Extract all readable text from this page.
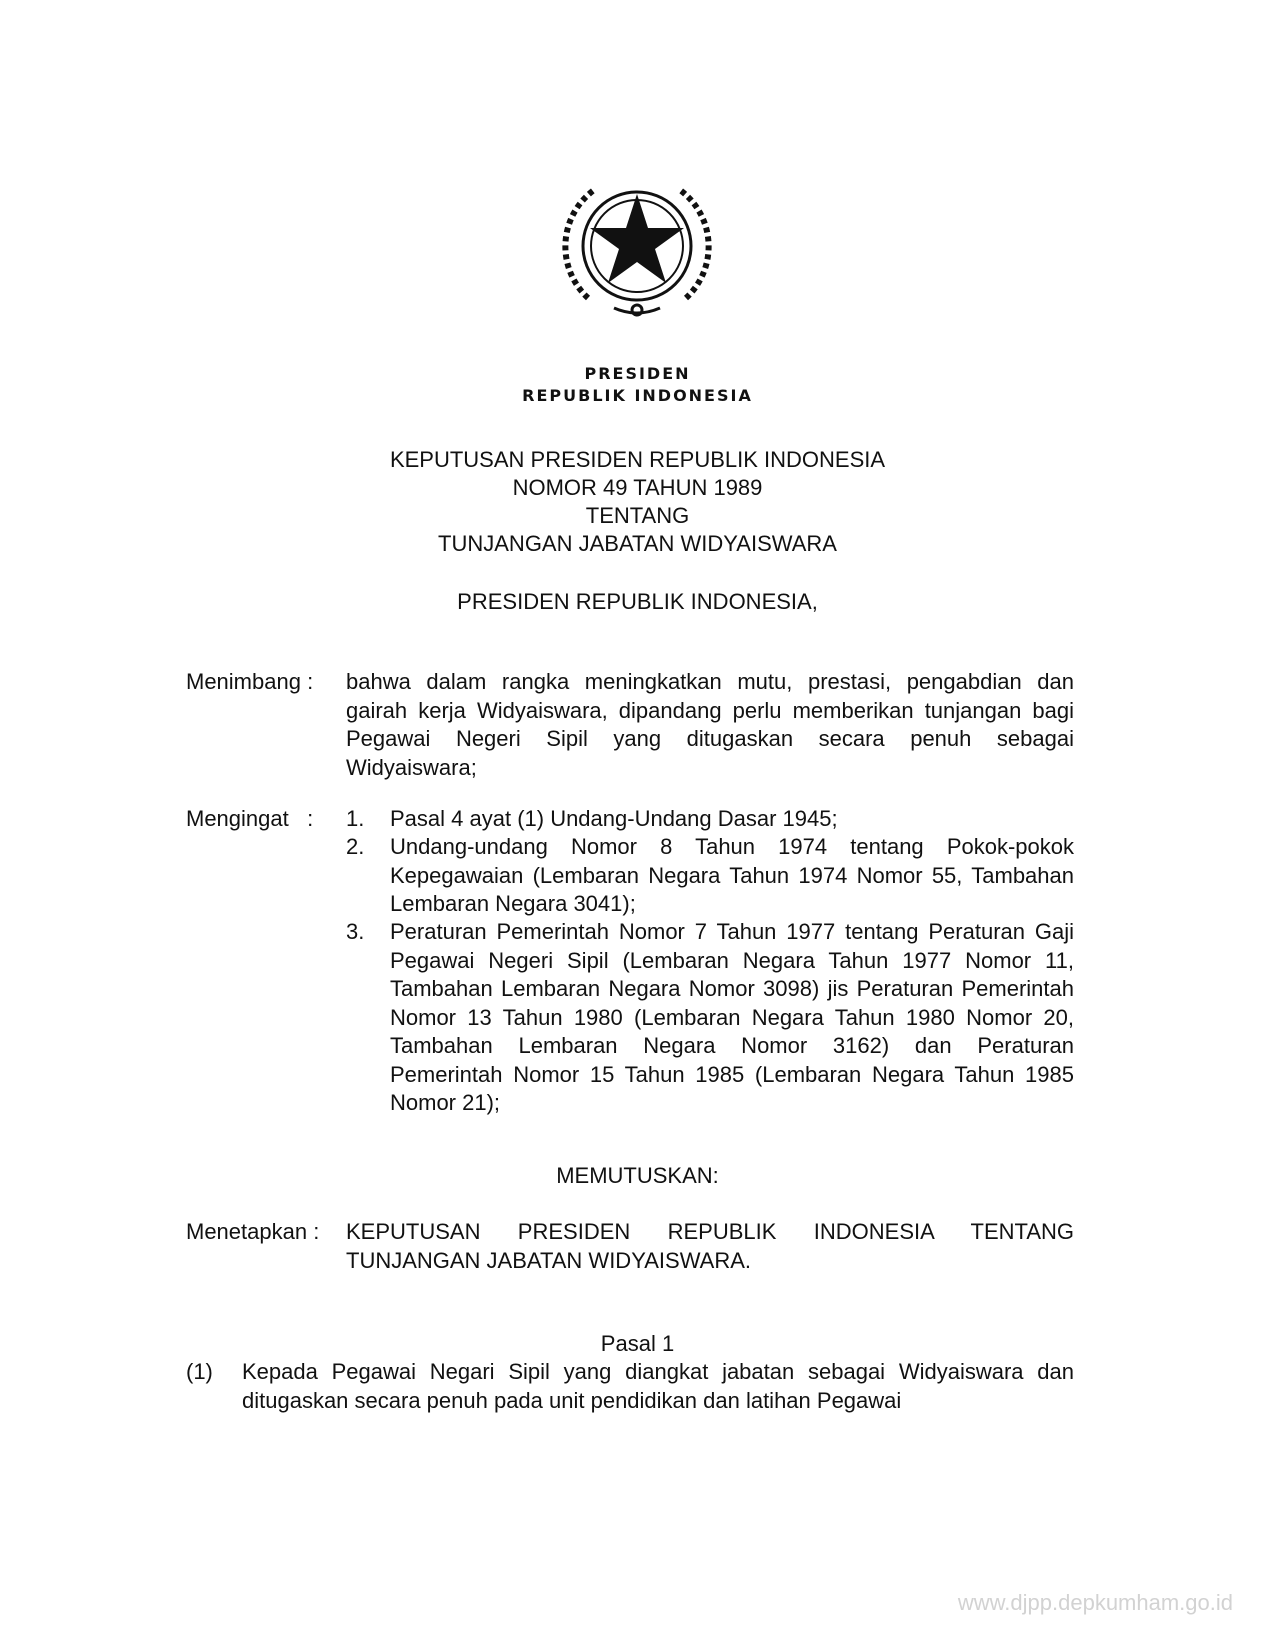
PRESIDEN
REPUBLIK INDONESIA
KEPUTUSAN PRESIDEN REPUBLIK INDONESIA
NOMOR 49 TAHUN 1989
TENTANG
TUNJANGAN JABATAN WIDYAISWARA
PRESIDEN REPUBLIK INDONESIA,
Menimbang : bahwa dalam rangka meningkatkan mutu, prestasi, pengabdian dan gairah kerja Widyaiswara, dipandang perlu memberikan tunjangan bagi Pegawai Negeri Sipil yang ditugaskan secara penuh sebagai Widyaiswara;
Mengingat   : 1. Pasal 4 ayat (1) Undang-Undang Dasar 1945;
2. Undang-undang Nomor 8 Tahun 1974 tentang Pokok-pokok Kepegawaian (Lembaran Negara Tahun 1974 Nomor 55, Tambahan Lembaran Negara 3041);
3. Peraturan Pemerintah Nomor 7 Tahun 1977 tentang Peraturan Gaji Pegawai Negeri Sipil (Lembaran Negara Tahun 1977 Nomor 11, Tambahan Lembaran Negara Nomor 3098) jis Peraturan Pemerintah Nomor 13 Tahun 1980 (Lembaran Negara Tahun 1980 Nomor 20, Tambahan Lembaran Negara Nomor 3162) dan Peraturan Pemerintah Nomor 15 Tahun 1985 (Lembaran Negara Tahun 1985 Nomor 21);
MEMUTUSKAN:
Menetapkan : KEPUTUSAN PRESIDEN REPUBLIK INDONESIA TENTANG TUNJANGAN JABATAN WIDYAISWARA.
Pasal 1
(1) Kepada Pegawai Negari Sipil yang diangkat jabatan sebagai Widyaiswara dan ditugaskan secara penuh pada unit pendidikan dan latihan Pegawai
www.djpp.depkumham.go.id
